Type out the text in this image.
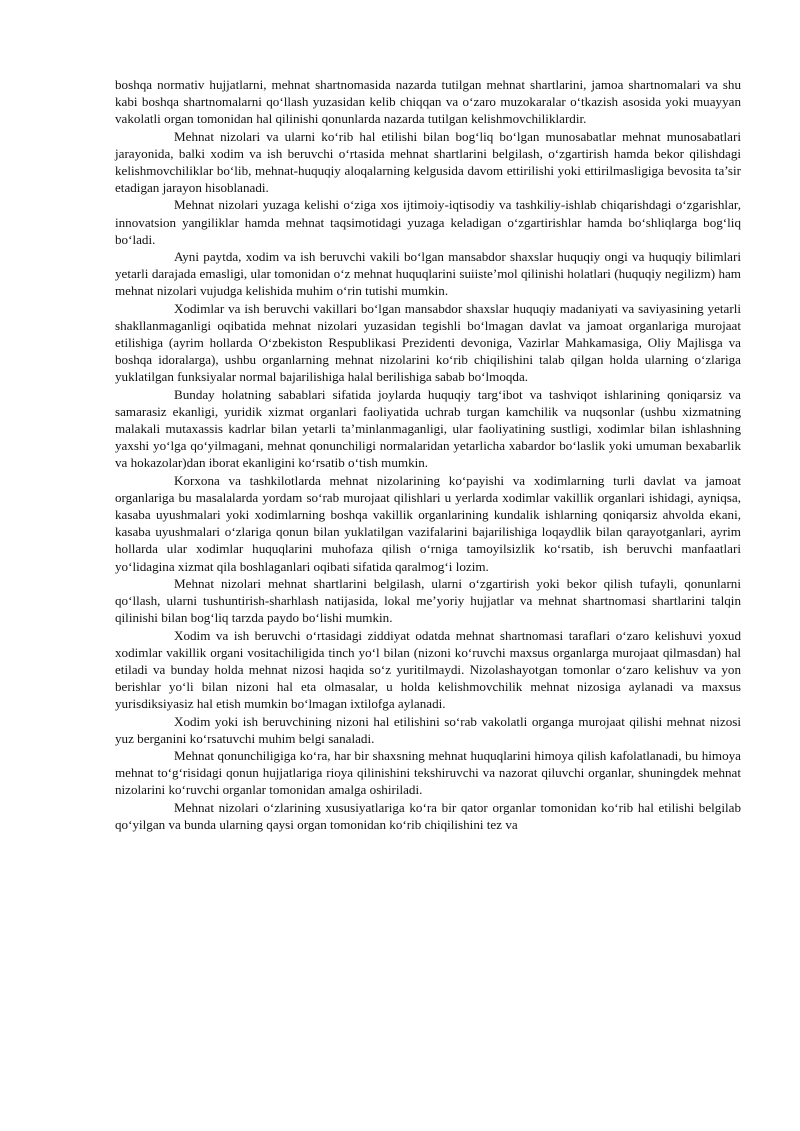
boshqa normativ hujjatlarni, mehnat shartnomasida nazarda tutilgan mehnat shartlarini, jamoa shartnomalari va shu kabi boshqa shartnomalarni qo‘llash yuzasidan kelib chiqqan va o‘zaro muzokaralar o‘tkazish asosida yoki muayyan vakolatli organ tomonidan hal qilinishi qonunlarda nazarda tutilgan kelishmovchiliklardir.

Mehnat nizolari va ularni ko‘rib hal etilishi bilan bog‘liq bo‘lgan munosabatlar mehnat munosabatlari jarayonida, balki xodim va ish beruvchi o‘rtasida mehnat shartlarini belgilash, o‘zgartirish hamda bekor qilishdagi kelishmovchiliklar bo‘lib, mehnat-huquqiy aloqalarning kelgusida davom ettirilishi yoki ettirilmasligiga bevosita ta’sir etadigan jarayon hisoblanadi.

Mehnat nizolari yuzaga kelishi o‘ziga xos ijtimoiy-iqtisodiy va tashkiliy-ishlab chiqarishdagi o‘zgarishlar, innovatsion yangiliklar hamda mehnat taqsimotidagi yuzaga keladigan o‘zgartirishlar hamda bo‘shliqlarga bog‘liq bo‘ladi.

Ayni paytda, xodim va ish beruvchi vakili bo‘lgan mansabdor shaxslar huquqiy ongi va huquqiy bilimlari yetarli darajada emasligi, ular tomonidan o‘z mehnat huquqlarini suiiste’mol qilinishi holatlari (huquqiy negilizm) ham mehnat nizolari vujudga kelishida muhim o‘rin tutishi mumkin.

Xodimlar va ish beruvchi vakillari bo‘lgan mansabdor shaxslar huquqiy madaniyati va saviyasining yetarli shakllanmaganligi oqibatida mehnat nizolari yuzasidan tegishli bo‘lmagan davlat va jamoat organlariga murojaat etilishiga (ayrim hollarda O‘zbekiston Respublikasi Prezidenti devoniga, Vazirlar Mahkamasiga, Oliy Majlisga va boshqa idoralarga), ushbu organlarning mehnat nizolarini ko‘rib chiqilishini talab qilgan holda ularning o‘zlariga yuklatilgan funksiyalar normal bajarilishiga halal berilishiga sabab bo‘lmoqda.

Bunday holatning sabablari sifatida joylarda huquqiy targ‘ibot va tashviqot ishlarining qoniqarsiz va samarasiz ekanligi, yuridik xizmat organlari faoliyatida uchrab turgan kamchilik va nuqsonlar (ushbu xizmatning malakali mutaxassis kadrlar bilan yetarli ta’minlanmaganligi, ular faoliyatining sustligi, xodimlar bilan ishlashning yaxshi yo‘lga qo‘yilmagani, mehnat qonunchiligi normalaridan yetarlicha xabardor bo‘laslik yoki umuman bexabarlik va hokazolar)dan iborat ekanligini ko‘rsatib o‘tish mumkin.

Korxona va tashkilotlarda mehnat nizolarining ko‘payishi va xodimlarning turli davlat va jamoat organlariga bu masalalarda yordam so‘rab murojaat qilishlari u yerlarda xodimlar vakillik organlari ishidagi, ayniqsa, kasaba uyushmalari yoki xodimlarning boshqa vakillik organlarining kundalik ishlarning qoniqarsiz ahvolda ekani, kasaba uyushmalari o‘zlariga qonun bilan yuklatilgan vazifalarini bajarilishiga loqaydlik bilan qarayotganlari, ayrim hollarda ular xodimlar huquqlarini muhofaza qilish o‘rniga tamoyilsizlik ko‘rsatib, ish beruvchi manfaatlari yo‘lidagina xizmat qila boshlaganlari oqibati sifatida qaralmog‘i lozim.

Mehnat nizolari mehnat shartlarini belgilash, ularni o‘zgartirish yoki bekor qilish tufayli, qonunlarni qo‘llash, ularni tushuntirish-sharhlash natijasida, lokal me’yoriy hujjatlar va mehnat shartnomasi shartlarini talqin qilinishi bilan bog‘liq tarzda paydo bo‘lishi mumkin.

Xodim va ish beruvchi o‘rtasidagi ziddiyat odatda mehnat shartnomasi taraflari o‘zaro kelishuvi yoxud xodimlar vakillik organi vositachiligida tinch yo‘l bilan (nizoni ko‘ruvchi maxsus organlarga murojaat qilmasdan) hal etiladi va bunday holda mehnat nizosi haqida so‘z yuritilmaydi. Nizolashayotgan tomonlar o‘zaro kelishuv va yon berishlar yo‘li bilan nizoni hal eta olmasalar, u holda kelishmovchilik mehnat nizosiga aylanadi va maxsus yurisdiksiyasiz hal etish mumkin bo‘lmagan ixtilofga aylanadi.

Xodim yoki ish beruvchining nizoni hal etilishini so‘rab vakolatli organga murojaat qilishi mehnat nizosi yuz berganini ko‘rsatuvchi muhim belgi sanaladi.

Mehnat qonunchiligiga ko‘ra, har bir shaxsning mehnat huquqlarini himoya qilish kafolatlanadi, bu himoya mehnat to‘g‘risidagi qonun hujjatlariga rioya qilinishini tekshiruvchi va nazorat qiluvchi organlar, shuningdek mehnat nizolarini ko‘ruvchi organlar tomonidan amalga oshiriladi.

Mehnat nizolari o‘zlarining xususiyatlariga ko‘ra bir qator organlar tomonidan ko‘rib hal etilishi belgilab qo‘yilgan va bunda ularning qaysi organ tomonidan ko‘rib chiqilishini tez va
